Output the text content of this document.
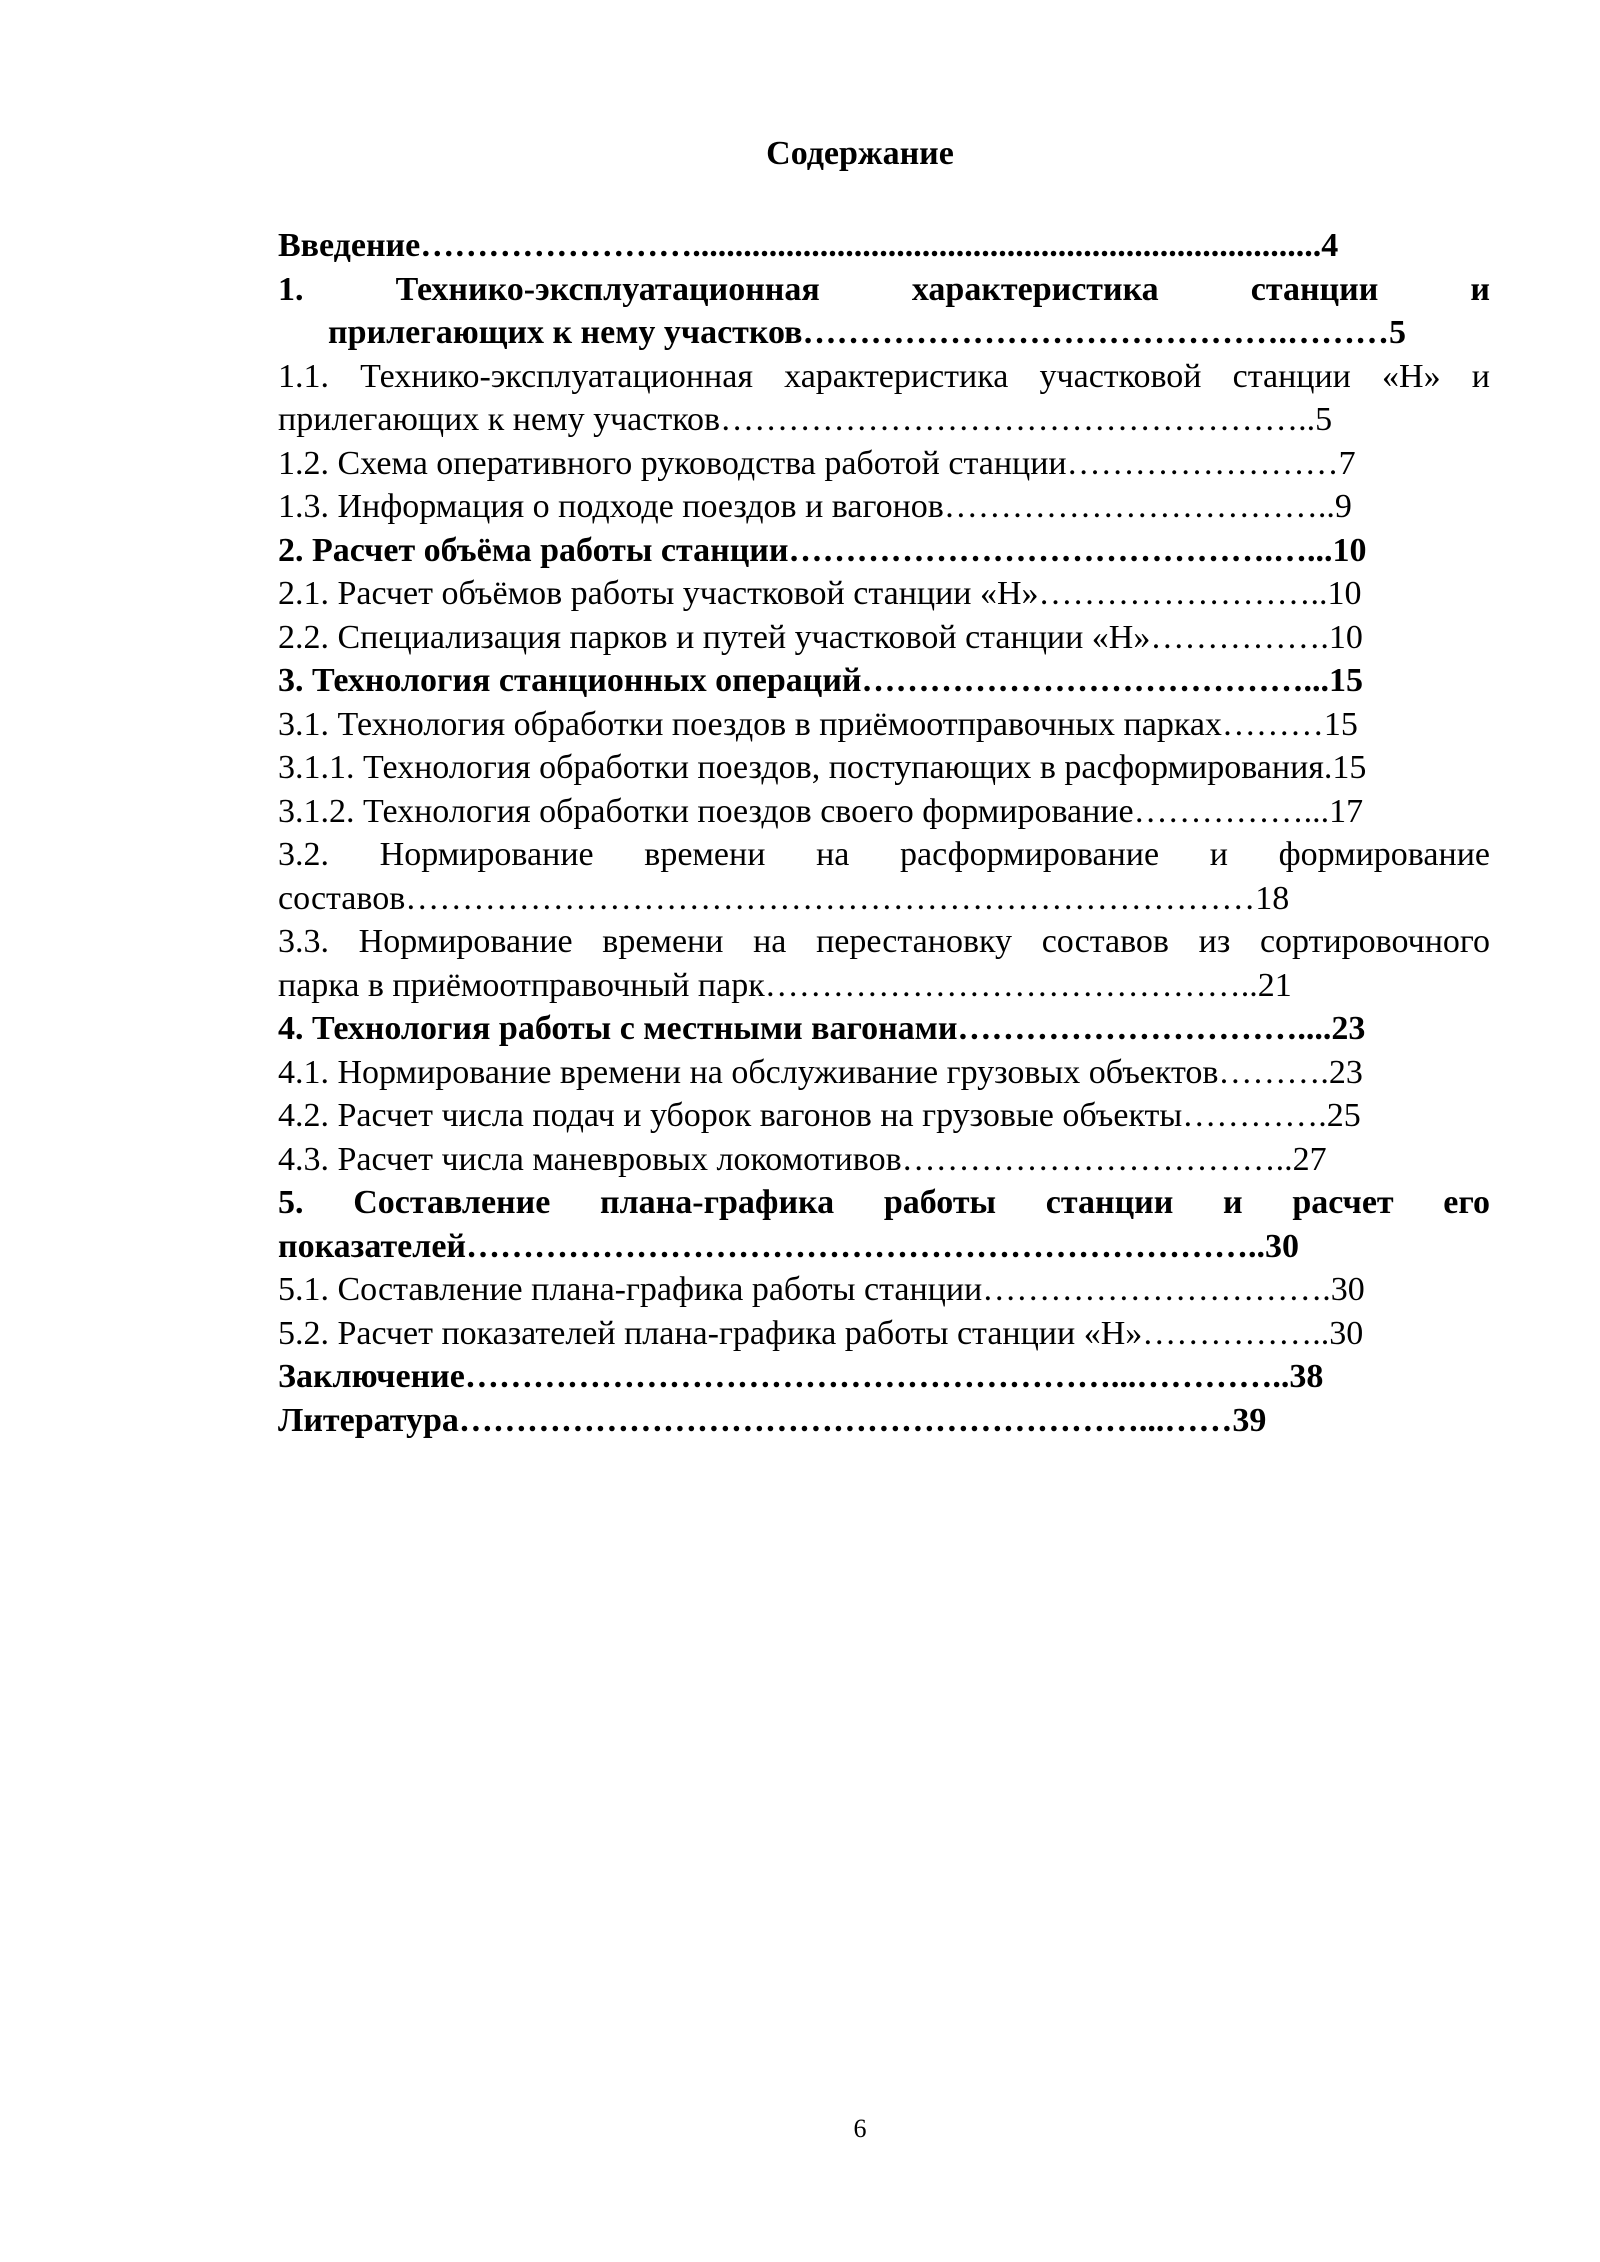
Содержание
Введение……………………..........................................................................4
1. Технико-эксплуатационная характеристика станции и
прилегающих к нему участков…………………………………….………5
1.1. Технико-эксплуатационная характеристика участковой станции «Н» и
прилегающих к нему участков……………………………………………..5
1.2. Схема оперативного руководства работой станции……………………7
1.3. Информация о подходе поездов и вагонов……………………………..9
2. Расчет объёма работы станции…………………………………….…...10
2.1. Расчет объёмов работы участковой станции «Н»……………………..10
2.2. Специализация парков и путей участковой станции «Н»…………….10
3. Технология станционных операций…………………………………...15
3.1. Технология обработки поездов в приёмоотправочных парках………15
3.1.1. Технология обработки поездов, поступающих в расформирования.15
3.1.2. Технология обработки поездов своего формирование……………...17
3.2. Нормирование времени на расформирование и формирование
составов…………………………………………………………………18
3.3. Нормирование времени на перестановку составов из сортировочного
парка в приёмоотправочный парк……………………………………..21
4. Технология работы с местными вагонами…………………………....23
4.1. Нормирование времени на обслуживание грузовых объектов……….23
4.2. Расчет числа подач и уборок вагонов на грузовые объекты………….25
4.3. Расчет числа маневровых локомотивов……………………………..27
5. Составление плана-графика работы станции и расчет его
показателей……………………………………………………………..30
5.1. Составление плана-графика работы станции………………………….30
5.2. Расчет показателей плана-графика работы станции «Н»……………..30
Заключение…………………………………………………...…………..38
Литература……………………………………………………...……39
6
